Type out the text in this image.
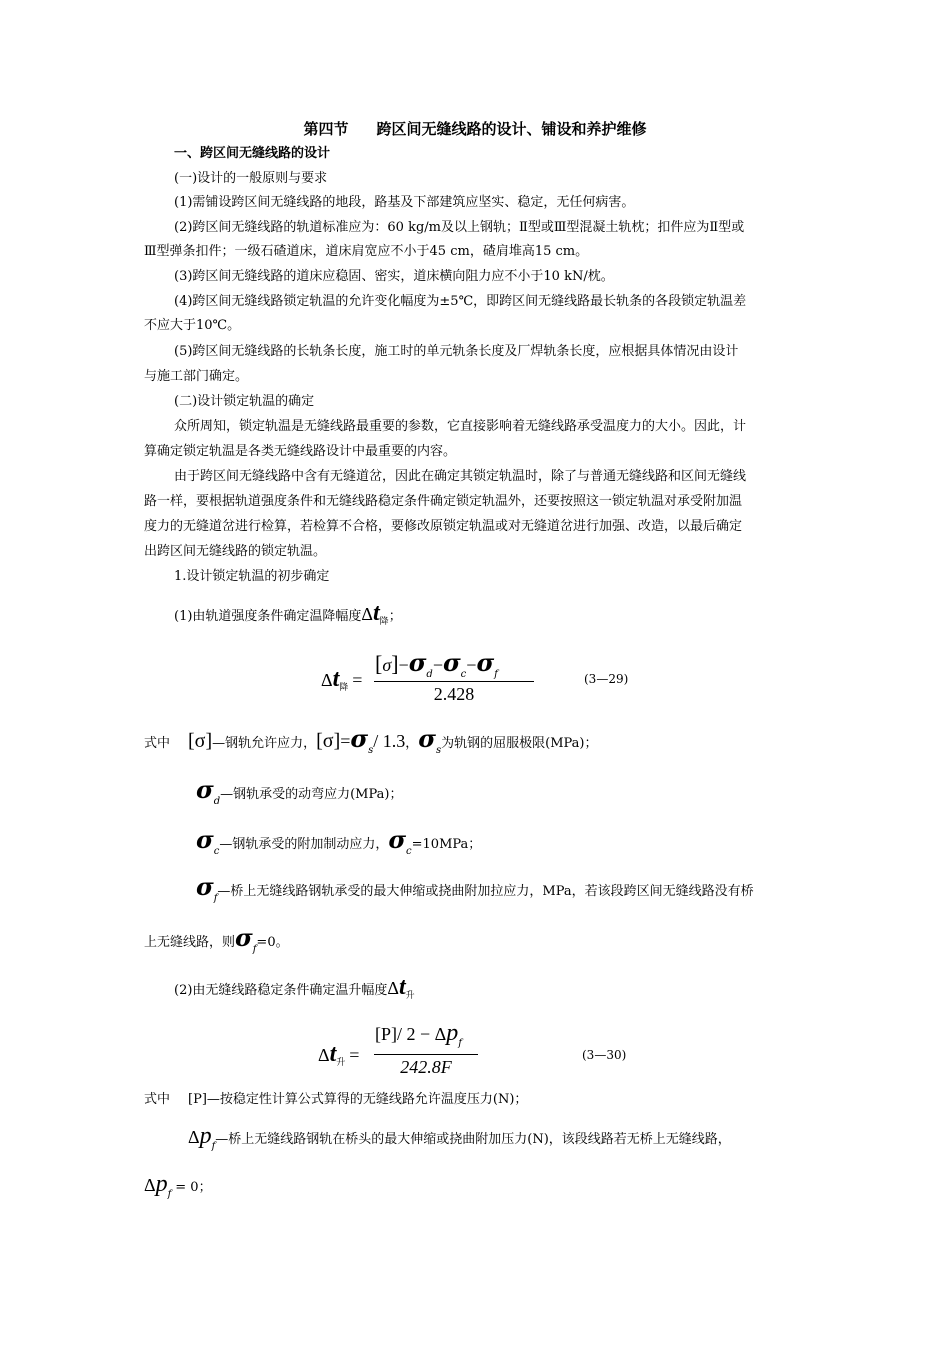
第四节 跨区间无缝线路的设计、铺设和养护维修
一、跨区间无缝线路的设计
(一)设计的一般原则与要求
(1)需铺设跨区间无缝线路的地段，路基及下部建筑应坚实、稳定，无任何病害。
(2)跨区间无缝线路的轨道标准应为：60 kg/m及以上钢轨；Ⅱ型或Ⅲ型混凝土轨枕；扣件应为Ⅱ型或
Ⅲ型弹条扣件；一级石碴道床，道床肩宽应不小于45 cm，碴肩堆高15 cm。
(3)跨区间无缝线路的道床应稳固、密实，道床横向阻力应不小于10 kN/枕。
(4)跨区间无缝线路锁定轨温的允许变化幅度为±5℃，即跨区间无缝线路最长轨条的各段锁定轨温差
不应大于10℃。
(5)跨区间无缝线路的长轨条长度，施工时的单元轨条长度及厂焊轨条长度，应根据具体情况由设计
与施工部门确定。
(二)设计锁定轨温的确定
众所周知，锁定轨温是无缝线路最重要的参数，它直接影响着无缝线路承受温度力的大小。因此，计
算确定锁定轨温是各类无缝线路设计中最重要的内容。
由于跨区间无缝线路中含有无缝道岔，因此在确定其锁定轨温时，除了与普通无缝线路和区间无缝线
路一样，要根据轨道强度条件和无缝线路稳定条件确定锁定轨温外，还要按照这一锁定轨温对承受附加温
度力的无缝道岔进行检算，若检算不合格，要修改原锁定轨温或对无缝道岔进行加强、改造，以最后确定
出跨区间无缝线路的锁定轨温。
1.设计锁定轨温的初步确定
(1)由轨道强度条件确定温降幅度$\Delta t_降$；
$\Delta t_降$ =
$[\sigma]-\sigma_d-\sigma_c-\sigma_f$
2.428
(3—29)
式中 [σ]—钢轨允许应力，$[\sigma]=\sigma_s/$ 1.3，$\sigma_s$为轨钢的屈服极限(MPa)；
$\sigma_d—$钢轨承受的动弯应力(MPa)；
$\sigma_c—$钢轨承受的附加制动应力，$\sigma_c=10MPa$；
$\sigma_f—$桥上无缝线路钢轨承受的最大伸缩或挠曲附加拉应力，MPa，若该段跨区间无缝线路没有桥
上无缝线路，则$\sigma_f=0$。
(2)由无缝线路稳定条件确定温升幅度$\Delta t_升$
$\Delta t_升$ =
[P]/ $2 - \Delta p_f$
242.8F
(3—30)
式中 [P]—按稳定性计算公式算得的无缝线路允许温度压力(N)；
$\Delta p_f—$桥上无缝线路钢轨在桥头的最大伸缩或挠曲附加压力(N)，该段线路若无桥上无缝线路，
$\Delta p_f = 0$；
